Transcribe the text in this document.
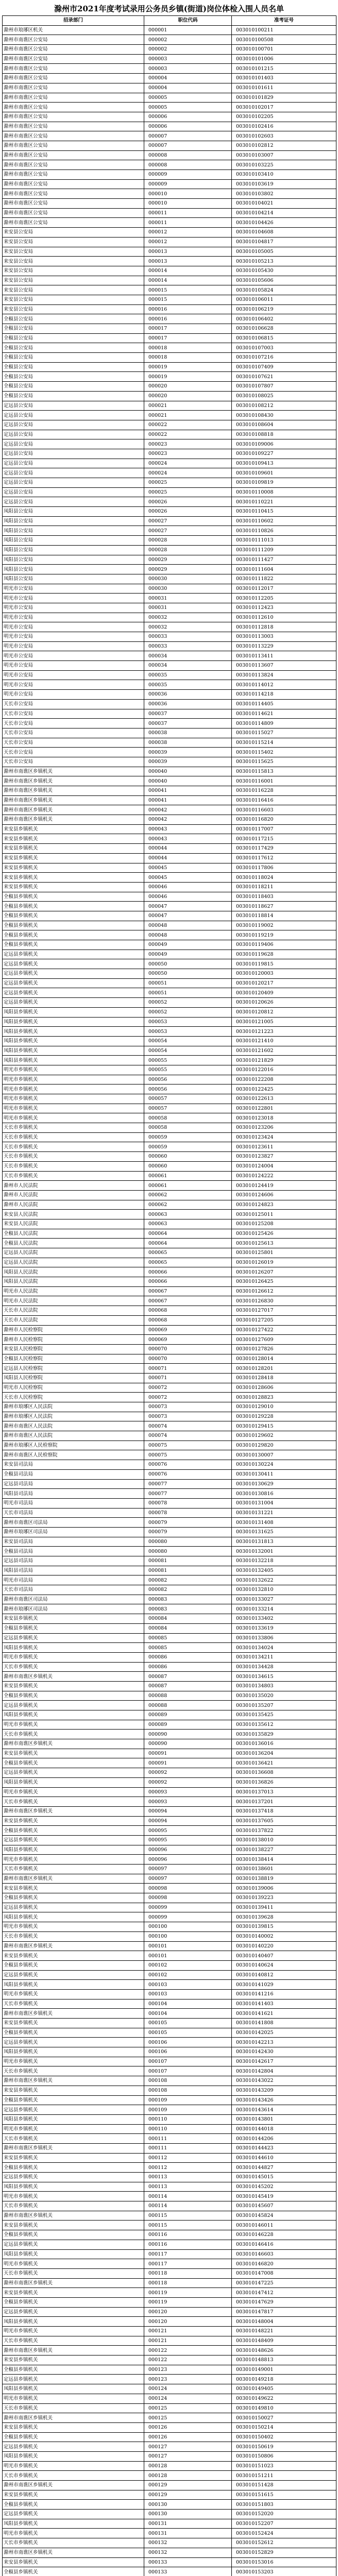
滁州市2021年度考试录用公务员乡镇(街道)岗位体检入围人员名单
招录部门	职位代码	准考证号
滁州市琅琊区机关	000001	003010100211
滁州市南谯区公安局	000002	003010100508
滁州市南谯区公安局	000002	003010100701
滁州市南谯区公安局	000003	003010101006
滁州市南谯区公安局	000003	003010101215
滁州市南谯区公安局	000004	003010101403
滁州市南谯区公安局	000004	003010101611
滁州市南谯区公安局	000005	003010101829
滁州市南谯区公安局	000005	003010102017
滁州市南谯区公安局	000006	003010102205
滁州市南谯区公安局	000006	003010102416
滁州市南谯区公安局	000007	003010102603
滁州市南谯区公安局	000007	003010102812
滁州市南谯区公安局	000008	003010103007
滁州市南谯区公安局	000008	003010103225
滁州市南谯区公安局	000009	003010103410
滁州市南谯区公安局	000009	003010103619
滁州市南谯区公安局	000010	003010103802
滁州市南谯区公安局	000010	003010104021
滁州市南谯区公安局	000011	003010104214
滁州市南谯区公安局	000011	003010104426
来安县公安局	000012	003010104608
来安县公安局	000012	003010104817
来安县公安局	000013	003010105005
来安县公安局	000013	003010105213
来安县公安局	000014	003010105430
来安县公安局	000014	003010105606
来安县公安局	000015	003010105824
来安县公安局	000015	003010106011
来安县公安局	000016	003010106219
全椒县公安局	000016	003010106402
全椒县公安局	000017	003010106628
全椒县公安局	000017	003010106815
全椒县公安局	000018	003010107003
全椒县公安局	000018	003010107216
全椒县公安局	000019	003010107409
全椒县公安局	000019	003010107621
全椒县公安局	000020	003010107807
全椒县公安局	000020	003010108025
定远县公安局	000021	003010108212
定远县公安局	000021	003010108430
定远县公安局	000022	003010108604
定远县公安局	000022	003010108818
定远县公安局	000023	003010109006
定远县公安局	000023	003010109227
定远县公安局	000024	003010109413
定远县公安局	000024	003010109601
定远县公安局	000025	003010109819
定远县公安局	000025	003010110008
定远县公安局	000026	003010110221
凤阳县公安局	000026	003010110415
凤阳县公安局	000027	003010110602
凤阳县公安局	000027	003010110826
凤阳县公安局	000028	003010111013
凤阳县公安局	000028	003010111209
凤阳县公安局	000029	003010111427
凤阳县公安局	000029	003010111604
凤阳县公安局	000030	003010111822
明光市公安局	000030	003010112017
明光市公安局	000031	003010112205
明光市公安局	000031	003010112423
明光市公安局	000032	003010112610
明光市公安局	000032	003010112818
明光市公安局	000033	003010113003
明光市公安局	000033	003010113229
明光市公安局	000034	003010113411
明光市公安局	000034	003010113607
明光市公安局	000035	003010113824
明光市公安局	000035	003010114012
明光市公安局	000036	003010114218
天长市公安局	000036	003010114405
天长市公安局	000037	003010114621
天长市公安局	000037	003010114809
天长市公安局	000038	003010115027
天长市公安局	000038	003010115214
天长市公安局	000039	003010115402
天长市公安局	000039	003010115625
滁州市南谯区乡镇机关	000040	003010115813
滁州市南谯区乡镇机关	000040	003010116001
滁州市南谯区乡镇机关	000041	003010116228
滁州市南谯区乡镇机关	000041	003010116416
滁州市南谯区乡镇机关	000042	003010116603
滁州市南谯区乡镇机关	000042	003010116820
来安县乡镇机关	000043	003010117007
来安县乡镇机关	000043	003010117215
来安县乡镇机关	000044	003010117429
来安县乡镇机关	000044	003010117612
来安县乡镇机关	000045	003010117806
来安县乡镇机关	000045	003010118024
来安县乡镇机关	000046	003010118211
全椒县乡镇机关	000046	003010118403
全椒县乡镇机关	000047	003010118627
全椒县乡镇机关	000047	003010118814
全椒县乡镇机关	000048	003010119002
全椒县乡镇机关	000048	003010119219
全椒县乡镇机关	000049	003010119406
定远县乡镇机关	000049	003010119628
定远县乡镇机关	000050	003010119815
定远县乡镇机关	000050	003010120003
定远县乡镇机关	000051	003010120217
定远县乡镇机关	000051	003010120409
定远县乡镇机关	000052	003010120626
凤阳县乡镇机关	000052	003010120812
凤阳县乡镇机关	000053	003010121005
凤阳县乡镇机关	000053	003010121223
凤阳县乡镇机关	000054	003010121410
凤阳县乡镇机关	000054	003010121602
凤阳县乡镇机关	000055	003010121829
明光市乡镇机关	000055	003010122016
明光市乡镇机关	000056	003010122208
明光市乡镇机关	000056	003010122425
明光市乡镇机关	000057	003010122613
明光市乡镇机关	000057	003010122801
明光市乡镇机关	000058	003010123018
天长市乡镇机关	000058	003010123206
天长市乡镇机关	000059	003010123424
天长市乡镇机关	000059	003010123611
天长市乡镇机关	000060	003010123827
天长市乡镇机关	000060	003010124004
天长市乡镇机关	000061	003010124222
滁州市人民法院	000061	003010124419
滁州市人民法院	000062	003010124606
滁州市人民法院	000062	003010124823
来安县人民法院	000063	003010125011
来安县人民法院	000063	003010125208
全椒县人民法院	000064	003010125426
全椒县人民法院	000064	003010125613
定远县人民法院	000065	003010125801
定远县人民法院	000065	003010126019
凤阳县人民法院	000066	003010126207
凤阳县人民法院	000066	003010126425
明光市人民法院	000067	003010126612
明光市人民法院	000067	003010126830
天长市人民法院	000068	003010127017
天长市人民法院	000068	003010127205
滁州市人民检察院	000069	003010127422
滁州市人民检察院	000069	003010127609
来安县人民检察院	000070	003010127826
全椒县人民检察院	000070	003010128014
定远县人民检察院	000071	003010128201
凤阳县人民检察院	000071	003010128418
明光市人民检察院	000072	003010128606
天长市人民检察院	000072	003010128823
滁州市琅琊区人民法院	000073	003010129010
滁州市琅琊区人民法院	000073	003010129228
滁州市南谯区人民法院	000074	003010129415
滁州市南谯区人民法院	000074	003010129602
滁州市琅琊区人民检察院	000075	003010129820
滁州市南谯区人民检察院	000075	003010130007
来安县司法局	000076	003010130224
全椒县司法局	000076	003010130411
定远县司法局	000077	003010130629
凤阳县司法局	000077	003010130816
明光市司法局	000078	003010131004
天长市司法局	000078	003010131221
滁州市南谯区司法局	000079	003010131408
滁州市琅琊区司法局	000079	003010131625
来安县司法局	000080	003010131813
全椒县司法局	000080	003010132001
定远县司法局	000081	003010132218
凤阳县司法局	000081	003010132405
明光市司法局	000082	003010132622
天长市司法局	000082	003010132810
滁州市南谯区司法局	000083	003010133027
滁州市琅琊区司法局	000083	003010133214
来安县乡镇机关	000084	003010133402
全椒县乡镇机关	000084	003010133619
定远县乡镇机关	000085	003010133806
凤阳县乡镇机关	000085	003010134024
明光市乡镇机关	000086	003010134211
天长市乡镇机关	000086	003010134428
滁州市南谯区乡镇机关	000087	003010134615
来安县乡镇机关	000087	003010134803
全椒县乡镇机关	000088	003010135020
定远县乡镇机关	000088	003010135207
凤阳县乡镇机关	000089	003010135425
明光市乡镇机关	000089	003010135612
天长市乡镇机关	000090	003010135829
滁州市南谯区乡镇机关	000090	003010136016
来安县乡镇机关	000091	003010136204
全椒县乡镇机关	000091	003010136421
定远县乡镇机关	000092	003010136608
凤阳县乡镇机关	000092	003010136826
明光市乡镇机关	000093	003010137013
天长市乡镇机关	000093	003010137201
滁州市南谯区乡镇机关	000094	003010137418
来安县乡镇机关	000094	003010137605
全椒县乡镇机关	000095	003010137822
定远县乡镇机关	000095	003010138010
凤阳县乡镇机关	000096	003010138227
明光市乡镇机关	000096	003010138414
天长市乡镇机关	000097	003010138601
滁州市南谯区乡镇机关	000097	003010138819
来安县乡镇机关	000098	003010139006
全椒县乡镇机关	000098	003010139223
定远县乡镇机关	000099	003010139411
凤阳县乡镇机关	000099	003010139628
明光市乡镇机关	000100	003010139815
天长市乡镇机关	000100	003010140002
滁州市南谯区乡镇机关	000101	003010140220
来安县乡镇机关	000101	003010140407
全椒县乡镇机关	000102	003010140624
定远县乡镇机关	000102	003010140812
凤阳县乡镇机关	000103	003010141029
明光市乡镇机关	000103	003010141216
天长市乡镇机关	000104	003010141403
滁州市南谯区乡镇机关	000104	003010141621
来安县乡镇机关	000105	003010141808
全椒县乡镇机关	000105	003010142025
定远县乡镇机关	000106	003010142213
凤阳县乡镇机关	000106	003010142430
明光市乡镇机关	000107	003010142617
天长市乡镇机关	000107	003010142804
滁州市南谯区乡镇机关	000108	003010143022
来安县乡镇机关	000108	003010143209
全椒县乡镇机关	000109	003010143426
定远县乡镇机关	000109	003010143614
凤阳县乡镇机关	000110	003010143801
明光市乡镇机关	000110	003010144018
天长市乡镇机关	000111	003010144206
滁州市南谯区乡镇机关	000111	003010144423
来安县乡镇机关	000112	003010144610
全椒县乡镇机关	000112	003010144827
定远县乡镇机关	000113	003010145015
凤阳县乡镇机关	000113	003010145202
明光市乡镇机关	000114	003010145419
天长市乡镇机关	000114	003010145607
滁州市南谯区乡镇机关	000115	003010145824
来安县乡镇机关	000115	003010146011
全椒县乡镇机关	000116	003010146228
定远县乡镇机关	000116	003010146416
凤阳县乡镇机关	000117	003010146603
明光市乡镇机关	000117	003010146820
天长市乡镇机关	000118	003010147008
滁州市南谯区乡镇机关	000118	003010147225
来安县乡镇机关	000119	003010147412
全椒县乡镇机关	000119	003010147629
定远县乡镇机关	000120	003010147817
凤阳县乡镇机关	000120	003010148004
明光市乡镇机关	000121	003010148221
天长市乡镇机关	000121	003010148409
滁州市南谯区乡镇机关	000122	003010148626
来安县乡镇机关	000122	003010148813
全椒县乡镇机关	000123	003010149001
定远县乡镇机关	000123	003010149218
凤阳县乡镇机关	000124	003010149405
明光市乡镇机关	000124	003010149622
天长市乡镇机关	000125	003010149810
滁州市南谯区乡镇机关	000125	003010150027
来安县乡镇机关	000126	003010150214
全椒县乡镇机关	000126	003010150402
定远县乡镇机关	000127	003010150619
凤阳县乡镇机关	000127	003010150806
明光市乡镇机关	000128	003010151023
天长市乡镇机关	000128	003010151211
滁州市南谯区乡镇机关	000129	003010151428
来安县乡镇机关	000129	003010151615
全椒县乡镇机关	000130	003010151803
定远县乡镇机关	000130	003010152020
凤阳县乡镇机关	000131	003010152207
明光市乡镇机关	000131	003010152424
天长市乡镇机关	000132	003010152612
滁州市南谯区乡镇机关	000132	003010152829
来安县乡镇机关	000133	003010153016
全椒县乡镇机关	000133	003010153203
